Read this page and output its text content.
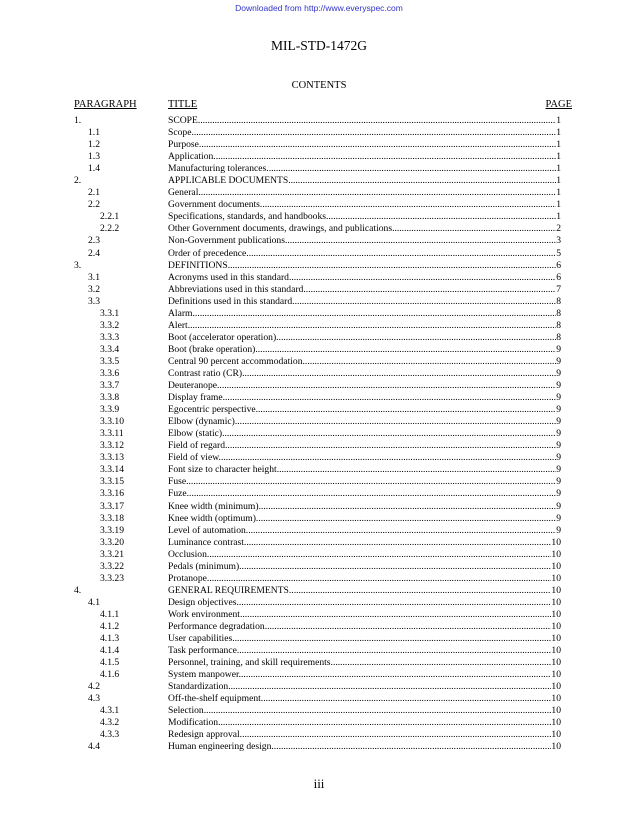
Downloaded from http://www.everyspec.com
MIL-STD-1472G
CONTENTS
PARAGRAPH	TITLE	PAGE
1.	SCOPE .....	1
1.1	Scope .....	1
1.2	Purpose. .....	1
1.3	Application .....	1
1.4	Manufacturing tolerances .....	1
2.	APPLICABLE DOCUMENTS .....	1
2.1	General .....	1
2.2	Government documents. .....	1
2.2.1	Specifications, standards, and handbooks. .....	1
2.2.2	Other Government documents, drawings, and publications. .....	2
2.3	Non-Government publications. .....	3
2.4	Order of precedence. .....	5
3.	DEFINITIONS .....	6
3.1	Acronyms used in this standard. .....	6
3.2	Abbreviations used in this standard. .....	7
3.3	Definitions used in this standard. .....	8
3.3.1	Alarm. .....	8
3.3.2	Alert. .....	8
3.3.3	Boot (accelerator operation) .....	8
3.3.4	Boot (brake operation). .....	9
3.3.5	Central 90 percent accommodation .....	9
3.3.6	Contrast ratio (CR) .....	9
3.3.7	Deuteranope. .....	9
3.3.8	Display frame .....	9
3.3.9	Egocentric perspective. .....	9
3.3.10	Elbow (dynamic) .....	9
3.3.11	Elbow (static). .....	9
3.3.12	Field of regard .....	9
3.3.13	Field of view. .....	9
3.3.14	Font size to character height. .....	9
3.3.15	Fuse .....	9
3.3.16	Fuze .....	9
3.3.17	Knee width (minimum) .....	9
3.3.18	Knee width (optimum). .....	9
3.3.19	Level of automation. .....	9
3.3.20	Luminance contrast. .....	10
3.3.21	Occlusion. .....	10
3.3.22	Pedals (minimum). .....	10
3.3.23	Protanope. .....	10
4.	GENERAL REQUIREMENTS .....	10
4.1	Design objectives. .....	10
4.1.1	Work environment. .....	10
4.1.2	Performance degradation. .....	10
4.1.3	User capabilities .....	10
4.1.4	Task performance. .....	10
4.1.5	Personnel, training, and skill requirements. .....	10
4.1.6	System manpower. .....	10
4.2	Standardization. .....	10
4.3	Off-the-shelf equipment. .....	10
4.3.1	Selection. .....	10
4.3.2	Modification .....	10
4.3.3	Redesign approval .....	10
4.4	Human engineering design. .....	10
iii
